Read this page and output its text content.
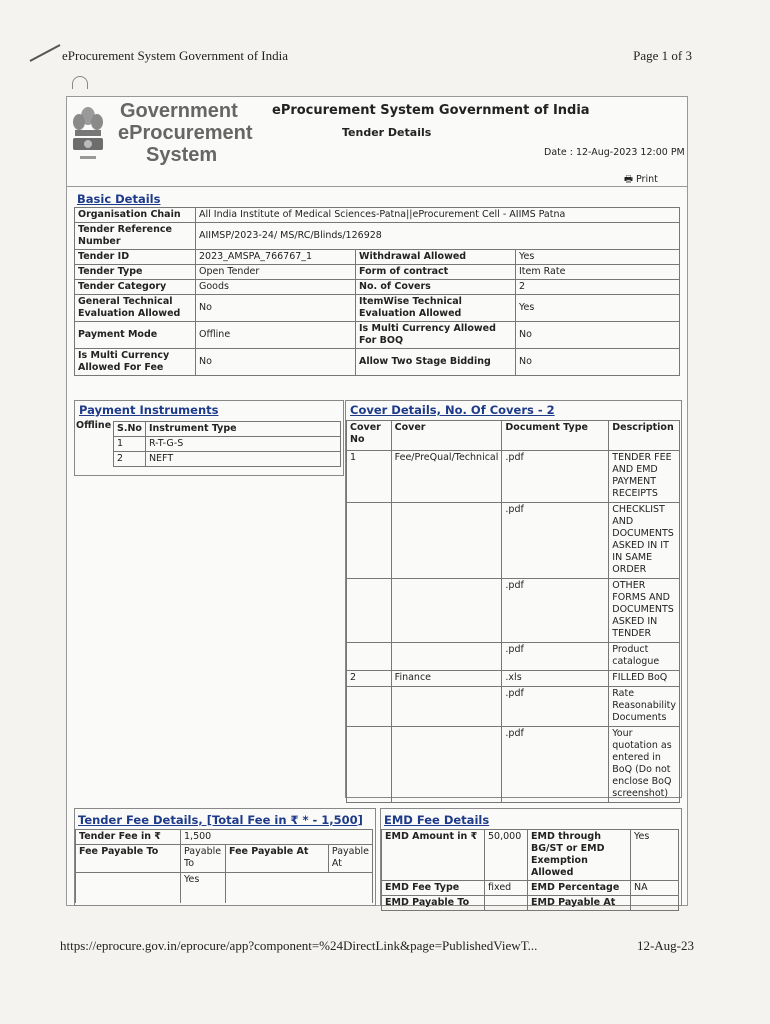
eProcurement System Government of India	Page 1 of 3
Government
eProcurement
System
eProcurement System Government of India
Tender Details
Date : 12-Aug-2023 12:00 PM
🖶 Print
Basic Details
Organisation Chain	All India Institute of Medical Sciences-Patna||eProcurement Cell - AIIMS Patna		
Tender Reference Number	AIIMSP/2023-24/ MS/RC/Blinds/126928		
Tender ID	2023_AMSPA_766767_1	Withdrawal Allowed	Yes
Tender Type	Open Tender	Form of contract	Item Rate
Tender Category	Goods	No. of Covers	2
General Technical Evaluation Allowed	No	ItemWise Technical Evaluation Allowed	Yes
Payment Mode	Offline	Is Multi Currency Allowed For BOQ	No
Is Multi Currency Allowed For Fee	No	Allow Two Stage Bidding	No
Payment Instruments
Offline S.No	Instrument Type
1	R-T-G-S
2	NEFT
Cover Details, No. Of Covers - 2
Cover No	Cover	Document Type	Description
1	Fee/PreQual/Technical	.pdf	TENDER FEE AND EMD PAYMENT RECEIPTS
		.pdf	CHECKLIST AND DOCUMENTS ASKED IN IT IN SAME ORDER
		.pdf	OTHER FORMS AND DOCUMENTS ASKED IN TENDER
		.pdf	Product catalogue
2	Finance	.xls	FILLED BoQ
		.pdf	Rate Reasonability Documents
		.pdf	Your quotation as entered in BoQ (Do not enclose BoQ screenshot)
Tender Fee Details, [Total Fee in ₹ * - 1,500]
Tender Fee in ₹	1,500		
Fee Payable To	Payable To	Fee Payable At	Payable At
	Yes		
EMD Fee Details
EMD Amount in ₹	50,000	EMD through BG/ST or EMD Exemption Allowed	Yes
EMD Fee Type	fixed	EMD Percentage	NA
EMD Payable To		EMD Payable At	
https://eprocure.gov.in/eprocure/app?component=%24DirectLink&page=PublishedViewT...	12-Aug-23
